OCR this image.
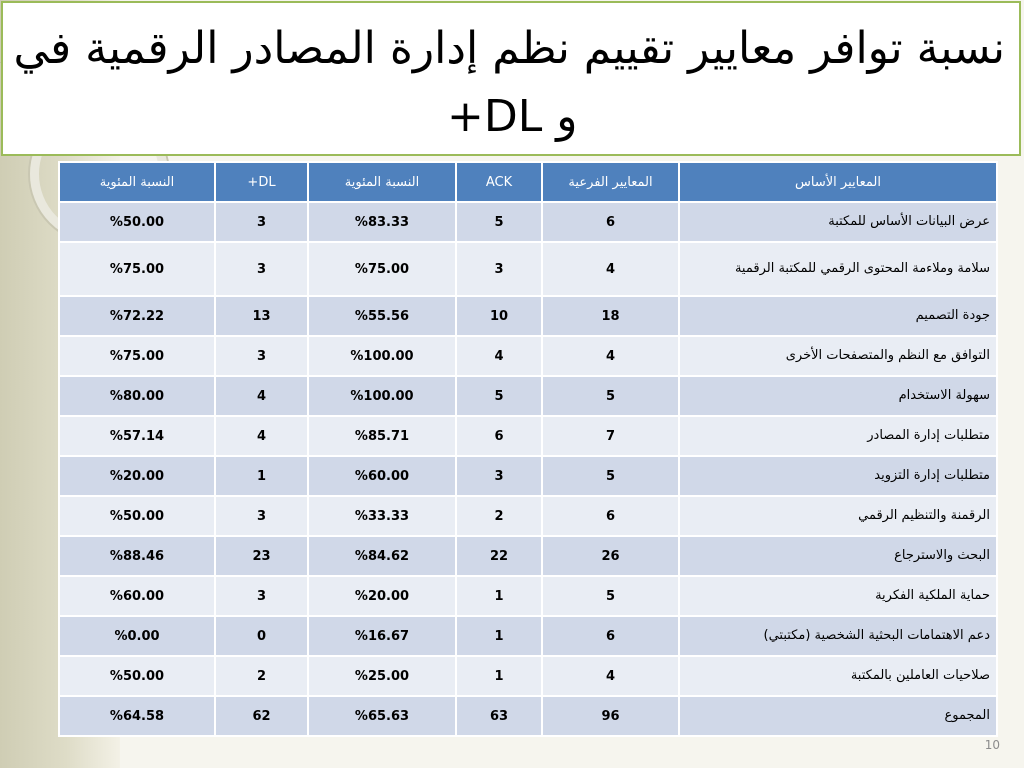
نسبة توافر معايير تقييم نظم إدارة المصادر الرقمية في
و DL+
المعايير الأساس	المعايير الفرعية	ACK	النسبة المئوية	DL+	النسبة المئوية
عرض البيانات الأساس للمكتبة	6	5	%83.33	3	%50.00
سلامة وملاءمة المحتوى الرقمي للمكتبة الرقمية	4	3	%75.00	3	%75.00
جودة التصميم	18	10	%55.56	13	%72.22
التوافق مع النظم والمتصفحات الأخرى	4	4	%100.00	3	%75.00
سهولة الاستخدام	5	5	%100.00	4	%80.00
متطلبات إدارة المصادر	7	6	%85.71	4	%57.14
متطلبات إدارة التزويد	5	3	%60.00	1	%20.00
الرقمنة والتنظيم الرقمي	6	2	%33.33	3	%50.00
البحث والاسترجاع	26	22	%84.62	23	%88.46
حماية الملكية الفكرية	5	1	%20.00	3	%60.00
دعم الاهتمامات البحثية الشخصية (مكتبتي)	6	1	%16.67	0	%0.00
صلاحيات العاملين بالمكتبة	4	1	%25.00	2	%50.00
المجموع	96	63	%65.63	62	%64.58
10
